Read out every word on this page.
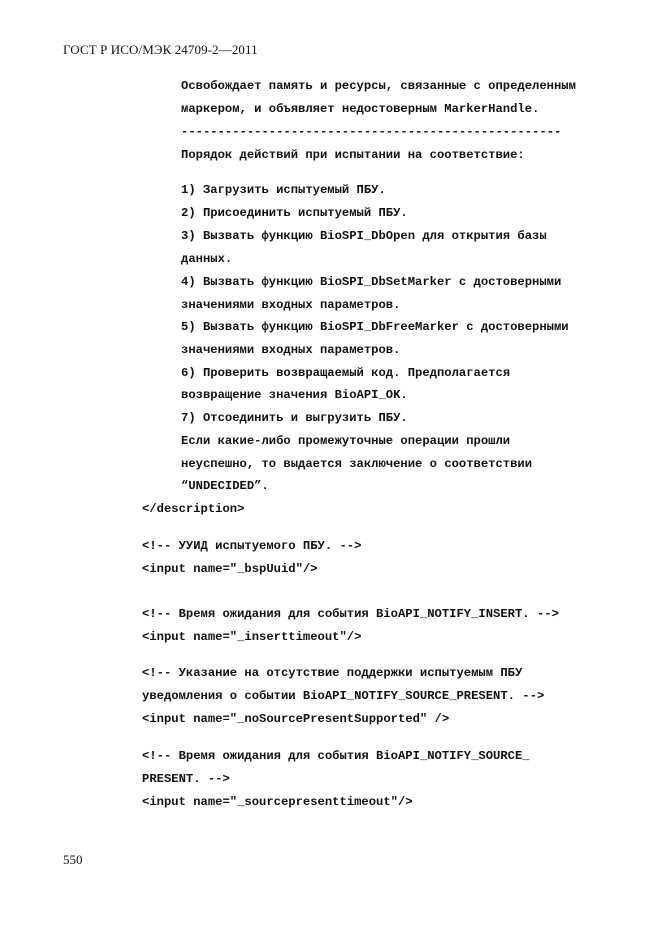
ГОСТ Р ИСО/МЭК 24709-2—2011
Освобождает память и ресурсы, связанные с определенным
маркером, и объявляет недостоверным MarkerHandle.
----------------------------------------------------
Порядок действий при испытании на соответствие:
1) Загрузить испытуемый ПБУ.
2) Присоединить испытуемый ПБУ.
3) Вызвать функцию BioSPI_DbOpen для открытия базы
данных.
4) Вызвать функцию BioSPI_DbSetMarker с достоверными
значениями входных параметров.
5) Вызвать функцию BioSPI_DbFreeMarker с достоверными
значениями входных параметров.
6) Проверить возвращаемый код. Предполагается
возвращение значения BioAPI_OK.
7) Отсоединить и выгрузить ПБУ.
Если какие-либо промежуточные операции прошли
неуспешно, то выдается заключение о соответствии
“UNDECIDED”.
</description>
<!-- УУИД испытуемого ПБУ. -->
<input name="_bspUuid"/>
<!-- Время ожидания для события BioAPI_NOTIFY_INSERT. -->
<input name="_inserttimeout"/>
<!-- Указание на отсутствие поддержки испытуемым ПБУ
уведомления о событии BioAPI_NOTIFY_SOURCE_PRESENT. -->
<input name="_noSourcePresentSupported" />
<!-- Время ожидания для события BioAPI_NOTIFY_SOURCE_
PRESENT. -->
<input name="_sourcepresenttimeout"/>
550
